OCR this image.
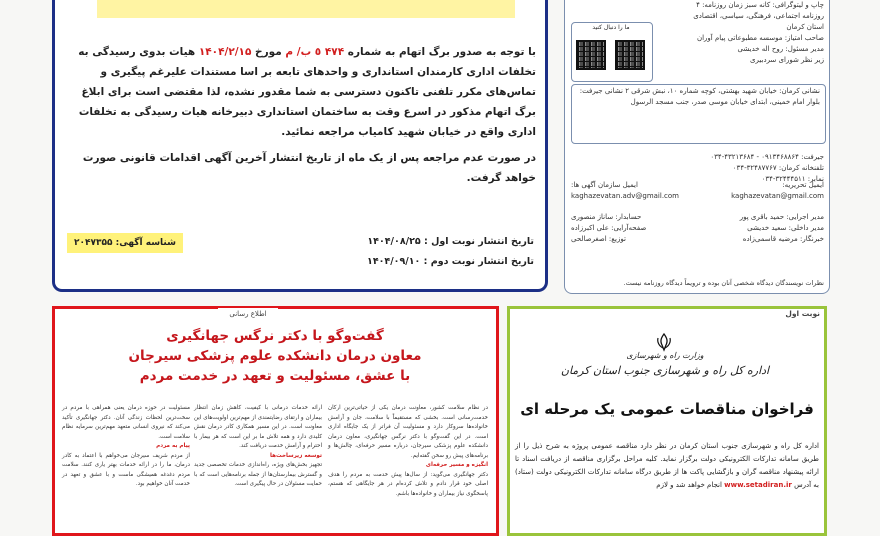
با توجه به صدور برگ اتهام به شماره ۴۷۴ ٥ ب/ م مورخ ۱۴۰۴/۲/۱۵ هیات بدوی رسیدگی به تخلفات اداری کارمندان استانداری و واحدهای تابعه بر اسا مستندات علیرغم پیگیری و تماس‌های مکرر تلفنی تاکنون دسترسی به شما مقدور نشده، لذا مقتضی است برای ابلاغ برگ اتهام مذکور در اسرع وقت به ساختمان استانداری دبیرخانه هیات رسیدگی به تخلفات اداری واقع در خیابان شهید کامیاب مراجعه نمائید.

در صورت عدم مراجعه پس از یک ماه از تاریخ انتشار آخرین آگهی اقدامات قانونی صورت خواهد گرفت.

تاریخ انتشار نوبت اول : ۱۴۰۴/۰۸/۲۵
تاریخ انتشار نوبت دوم : ۱۴۰۴/۰۹/۱۰
شناسه آگهی: ۲۰۴۷۳۵۵
چاپ و لیتوگرافی: کانه سبز زمان روزنامه: ۴
روزنامه اجتماعی، فرهنگی، سیاسی، اقتصادی استان کرمان
صاحب امتیاز: موسسه مطبوعاتی پیام آوران
مدیر مسئول: روح اله خدیشی
زیر نظر شورای سردبیری
ما را دنبال کنید
نشانی کرمان: خیابان شهید بهشتی، کوچه شماره ۱۰، نبش شرقی ۲ نشانی جیرفت: بلوار امام خمینی، ابتدای خیابان موسی صدر، جنب مسجد الرسول
جیرفت: ۰۹۱۳۴۶۸۸۶۴ - ۴۳۲۱۳۶۸۴-۰۳۴
تلفنخانه کرمان: ۳۲۴۸۷۷۶۷-۰۳۴
نمابر: ۳۲۴۴۴۵۱۱-۰۳۴
ایمیل تحریریه:
ایمیل سازمان آگهی ها:
kaghazevatan.adv@gmail.com	kaghazevatan@gmail.com
مدیر اجرایی: حمید باقری پور
حسابدار: ساناز منصوری
مدیر داخلی: سعید خدیشی
صفحه‌آرایی: علی اکبرزاده
خبرنگار: مرضیه قاسمی‌زاده
توزیع: اصغرصالحی
نظرات نویسندگان دیدگاه شخصی آنان بوده و ترویماً دیدگاه روزنامه نیست.
اطلاع رسانی
گفت‌وگو با دکتر نرگس جهانگیری
معاون درمان دانشکده علوم پزشکی سیرجان
با عشق، مسئولیت و تعهد در خدمت مردم
در نظام سلامت کشور، معاونت درمان یکی از حیاتی‌ترین ارکان خدمت‌رسانی است. بخشی که مستقیماً با سلامت، جان و آرامش خانواده‌ها سروکار دارد و مسئولیت آن فراتر از یک جایگاه اداری است. در این گفت‌وگو با دکتر نرگس جهانگیری، معاون درمان دانشکده علوم پزشکی سیرجان، درباره مسیر حرفه‌ای، چالش‌ها و برنامه‌های پیش رو سخن گفته‌ایم.
انگیزه و مسیر حرفه‌ای
دکتر جهانگیری می‌گوید: از سال‌ها پیش خدمت به مردم را هدف اصلی خود قرار دادم و تلاش کرده‌ام در هر جایگاهی که هستم، پاسخگوی نیاز بیماران و خانواده‌ها باشم.
ارائه خدمات درمانی با کیفیت، کاهش زمان انتظار بیماران و ارتقای رضایتمندی از مهم‌ترین اولویت‌های این معاونت است. در این مسیر همکاری کادر درمان نقش کلیدی دارد و همه تلاش ما بر این است که هر بیمار با احترام و آرامش خدمت دریافت کند.
توسعه زیرساخت‌ها
تجهیز بخش‌های ویژه، راه‌اندازی خدمات تخصصی جدید و گسترش بیمارستان‌ها از جمله برنامه‌هایی است که با حمایت مسئولان در حال پیگیری است.
مسئولیت در حوزه درمان یعنی همراهی با مردم در سخت‌ترین لحظات زندگی آنان. دکتر جهانگیری تأکید می‌کند که نیروی انسانی متعهد مهم‌ترین سرمایه نظام سلامت است.
پیام به مردم
از مردم شریف سیرجان می‌خواهم با اعتماد به کادر درمان، ما را در ارائه خدمات بهتر یاری کنند. سلامت مردم دغدغه همیشگی ماست و با عشق و تعهد در خدمت آنان خواهیم بود.
نوبت اول
وزارت راه و شهرسازی
اداره کل راه و شهرسازی جنوب استان کرمان
فراخوان مناقصات عمومی یک مرحله ای
اداره کل راه و شهرسازی جنوب استان کرمان در نظر دارد مناقصه عمومی پروژه به شرح ذیل را از طریق سامانه تدارکات الکترونیکی دولت برگزار نماید. کلیه مراحل برگزاری مناقصه از دریافت اسناد تا ارائه پیشنهاد مناقصه گران و بازگشایی پاکت ها از طریق درگاه سامانه تدارکات الکترونیکی دولت (ستاد) به آدرس www.setadiran.ir انجام خواهد شد و لازم
